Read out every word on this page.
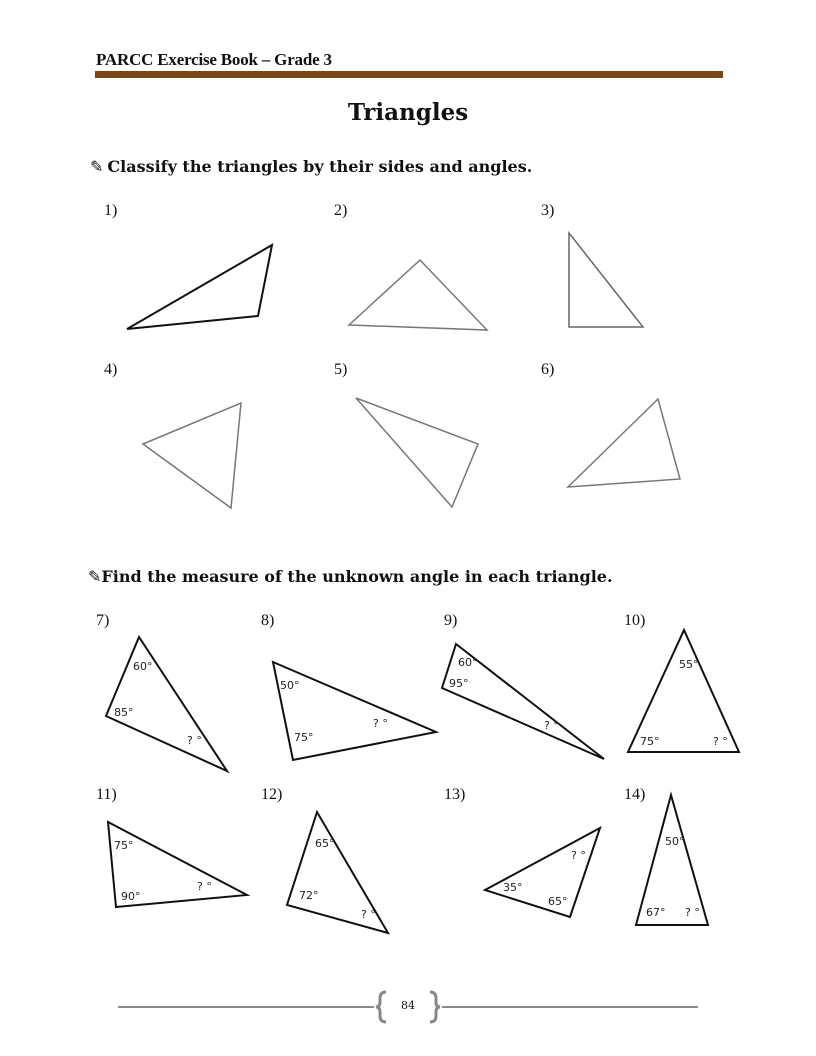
PARCC Exercise Book – Grade 3
Triangles
✎ Classify the triangles by their sides and angles.
1)	2)	3)
4)	5)	6)
✎Find the measure of the unknown angle in each triangle.
7)	8)	9)	10)
11)	12)	13)	14)
60°
85°
? °
50°
75°
? °
60°
95°
? °
55°
75°	? °
75°
90°
? °
65°
72°
? °
? °
35°
65°
50°
67° ? °
84
